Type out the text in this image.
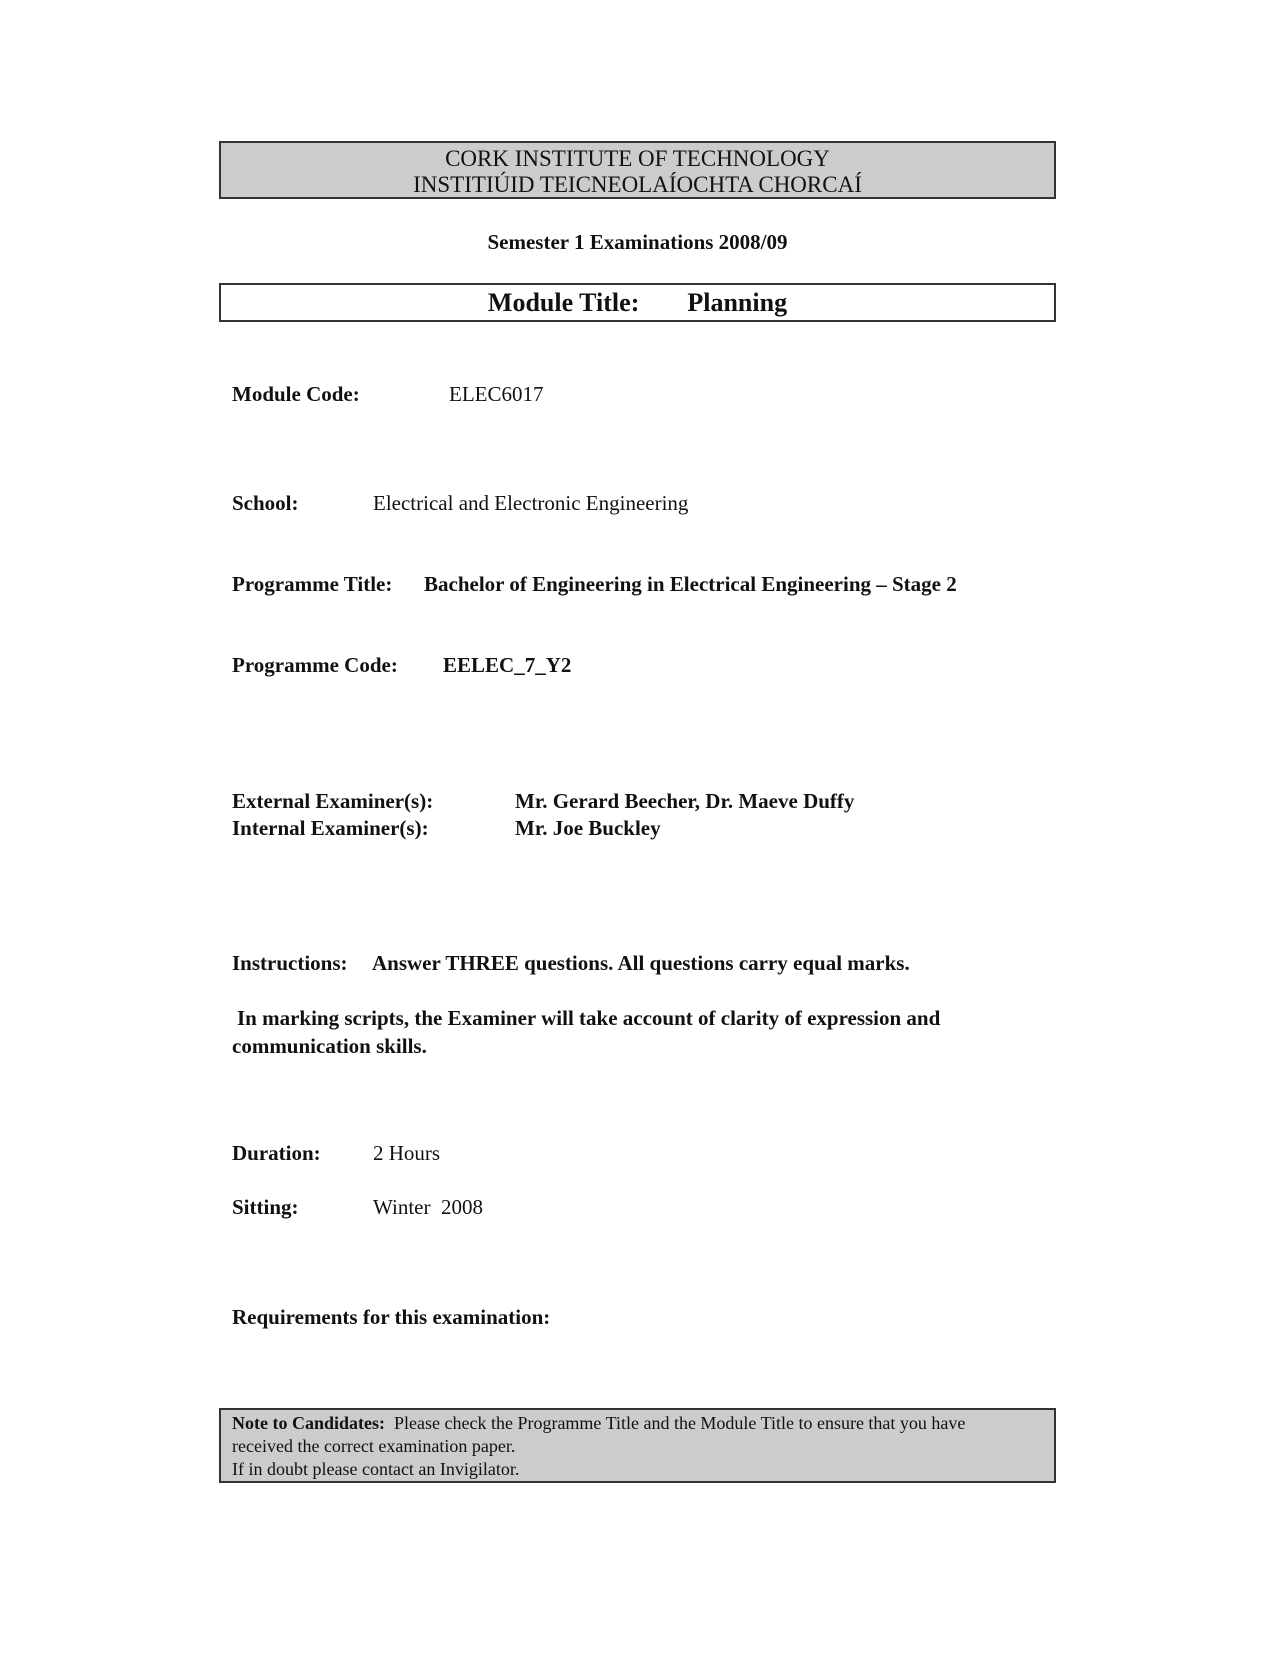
CORK INSTITUTE OF TECHNOLOGY
INSTITIÚID TEICNEOLAÍOCHTA CHORCAÍ
Semester 1 Examinations 2008/09
Module Title: Planning
Module Code:	ELEC6017
School:	Electrical and Electronic Engineering
Programme Title: Bachelor of Engineering in Electrical Engineering – Stage 2
Programme Code: EELEC_7_Y2
External Examiner(s):	Mr. Gerard Beecher, Dr. Maeve Duffy
Internal Examiner(s):	Mr. Joe Buckley
Instructions: Answer THREE questions. All questions carry equal marks.
In marking scripts, the Examiner will take account of clarity of expression and
communication skills.
Duration: 2 Hours
Sitting:	Winter  2008
Requirements for this examination:
Note to Candidates: Please check the Programme Title and the Module Title to ensure that you have
received the correct examination paper.
If in doubt please contact an Invigilator.
